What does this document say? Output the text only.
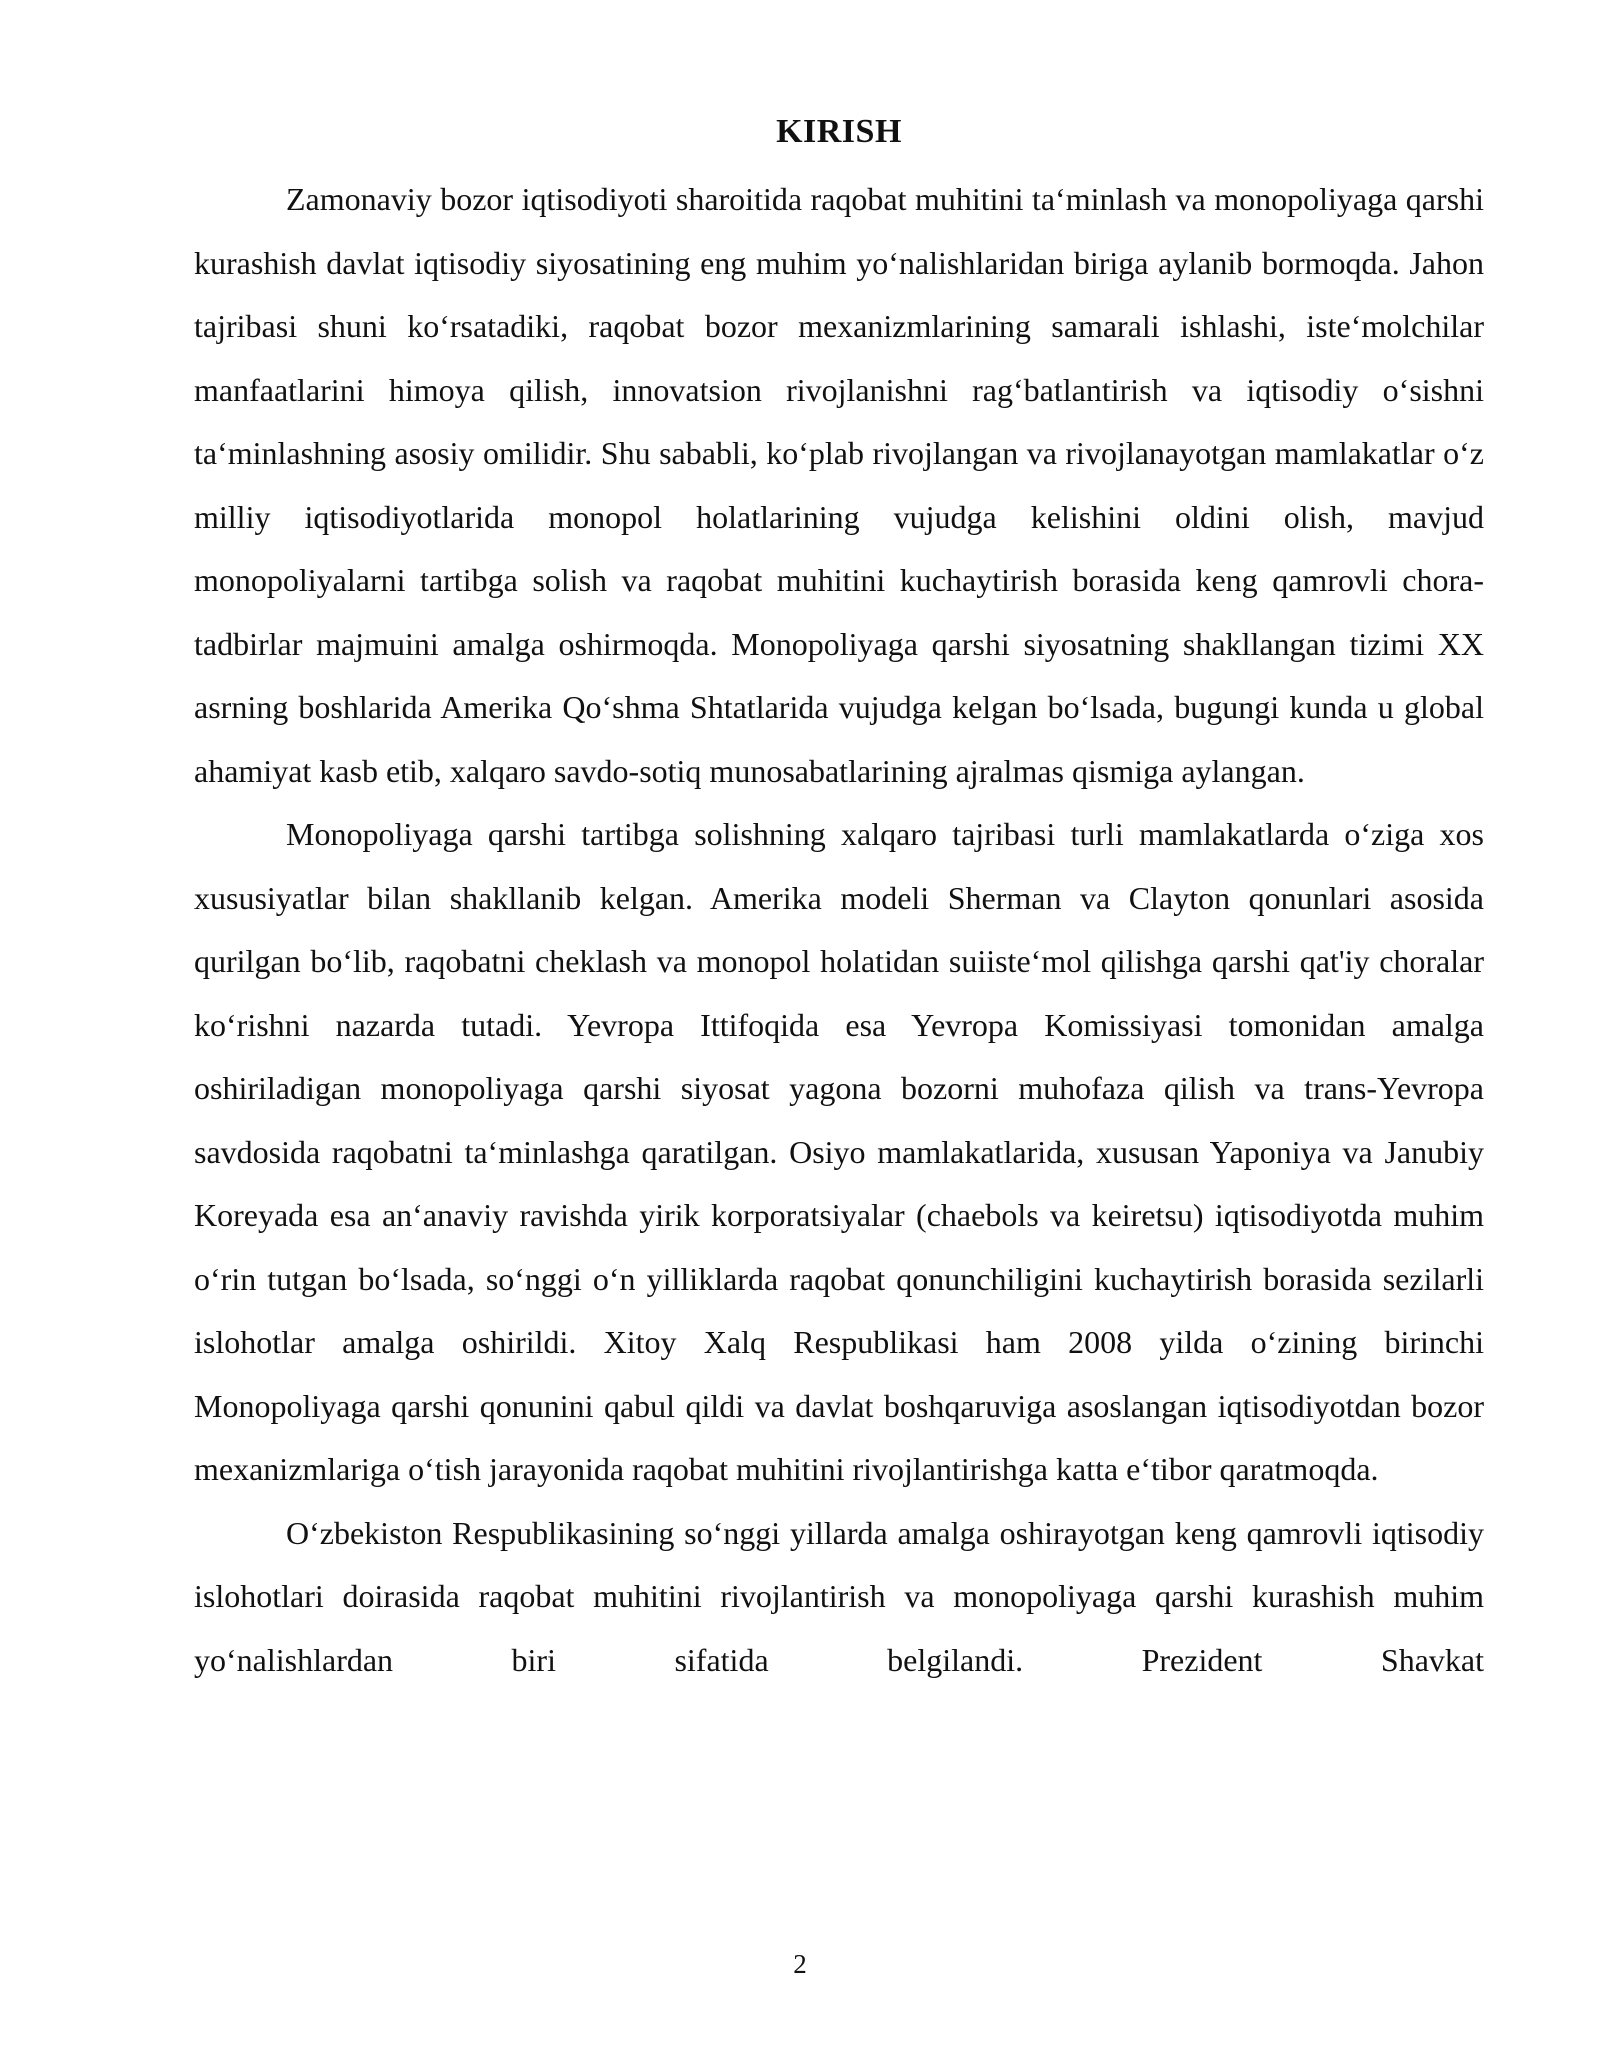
KIRISH

Zamonaviy bozor iqtisodiyoti sharoitida raqobat muhitini ta‘minlash va monopoliyaga qarshi kurashish davlat iqtisodiy siyosatining eng muhim yo‘nalishlaridan biriga aylanib bormoqda. Jahon tajribasi shuni ko‘rsatadiki, raqobat bozor mexanizmlarining samarali ishlashi, iste‘molchilar manfaatlarini himoya qilish, innovatsion rivojlanishni rag‘batlantirish va iqtisodiy o‘sishni ta‘minlashning asosiy omilidir. Shu sababli, ko‘plab rivojlangan va rivojlanayotgan mamlakatlar o‘z milliy iqtisodiyotlarida monopol holatlarining vujudga kelishini oldini olish, mavjud monopoliyalarni tartibga solish va raqobat muhitini kuchaytirish borasida keng qamrovli chora-tadbirlar majmuini amalga oshirmoqda. Monopoliyaga qarshi siyosatning shakllangan tizimi XX asrning boshlarida Amerika Qo‘shma Shtatlarida vujudga kelgan bo‘lsada, bugungi kunda u global ahamiyat kasb etib, xalqaro savdo-sotiq munosabatlarining ajralmas qismiga aylangan.

Monopoliyaga qarshi tartibga solishning xalqaro tajribasi turli mamlakatlarda o‘ziga xos xususiyatlar bilan shakllanib kelgan. Amerika modeli Sherman va Clayton qonunlari asosida qurilgan bo‘lib, raqobatni cheklash va monopol holatidan suiiste‘mol qilishga qarshi qat'iy choralar ko‘rishni nazarda tutadi. Yevropa Ittifoqida esa Yevropa Komissiyasi tomonidan amalga oshiriladigan monopoliyaga qarshi siyosat yagona bozorni muhofaza qilish va trans-Yevropa savdosida raqobatni ta‘minlashga qaratilgan. Osiyo mamlakatlarida, xususan Yaponiya va Janubiy Koreyada esa an‘anaviy ravishda yirik korporatsiyalar (chaebols va keiretsu) iqtisodiyotda muhim o‘rin tutgan bo‘lsada, so‘nggi o‘n yilliklarda raqobat qonunchiligini kuchaytirish borasida sezilarli islohotlar amalga oshirildi. Xitoy Xalq Respublikasi ham 2008 yilda o‘zining birinchi Monopoliyaga qarshi qonunini qabul qildi va davlat boshqaruviga asoslangan iqtisodiyotdan bozor mexanizmlariga o‘tish jarayonida raqobat muhitini rivojlantirishga katta e‘tibor qaratmoqda.

O‘zbekiston Respublikasining so‘nggi yillarda amalga oshirayotgan keng qamrovli iqtisodiy islohotlari doirasida raqobat muhitini rivojlantirish va monopoliyaga qarshi kurashish muhim yo‘nalishlardan biri sifatida belgilandi. Prezident Shavkat

2
